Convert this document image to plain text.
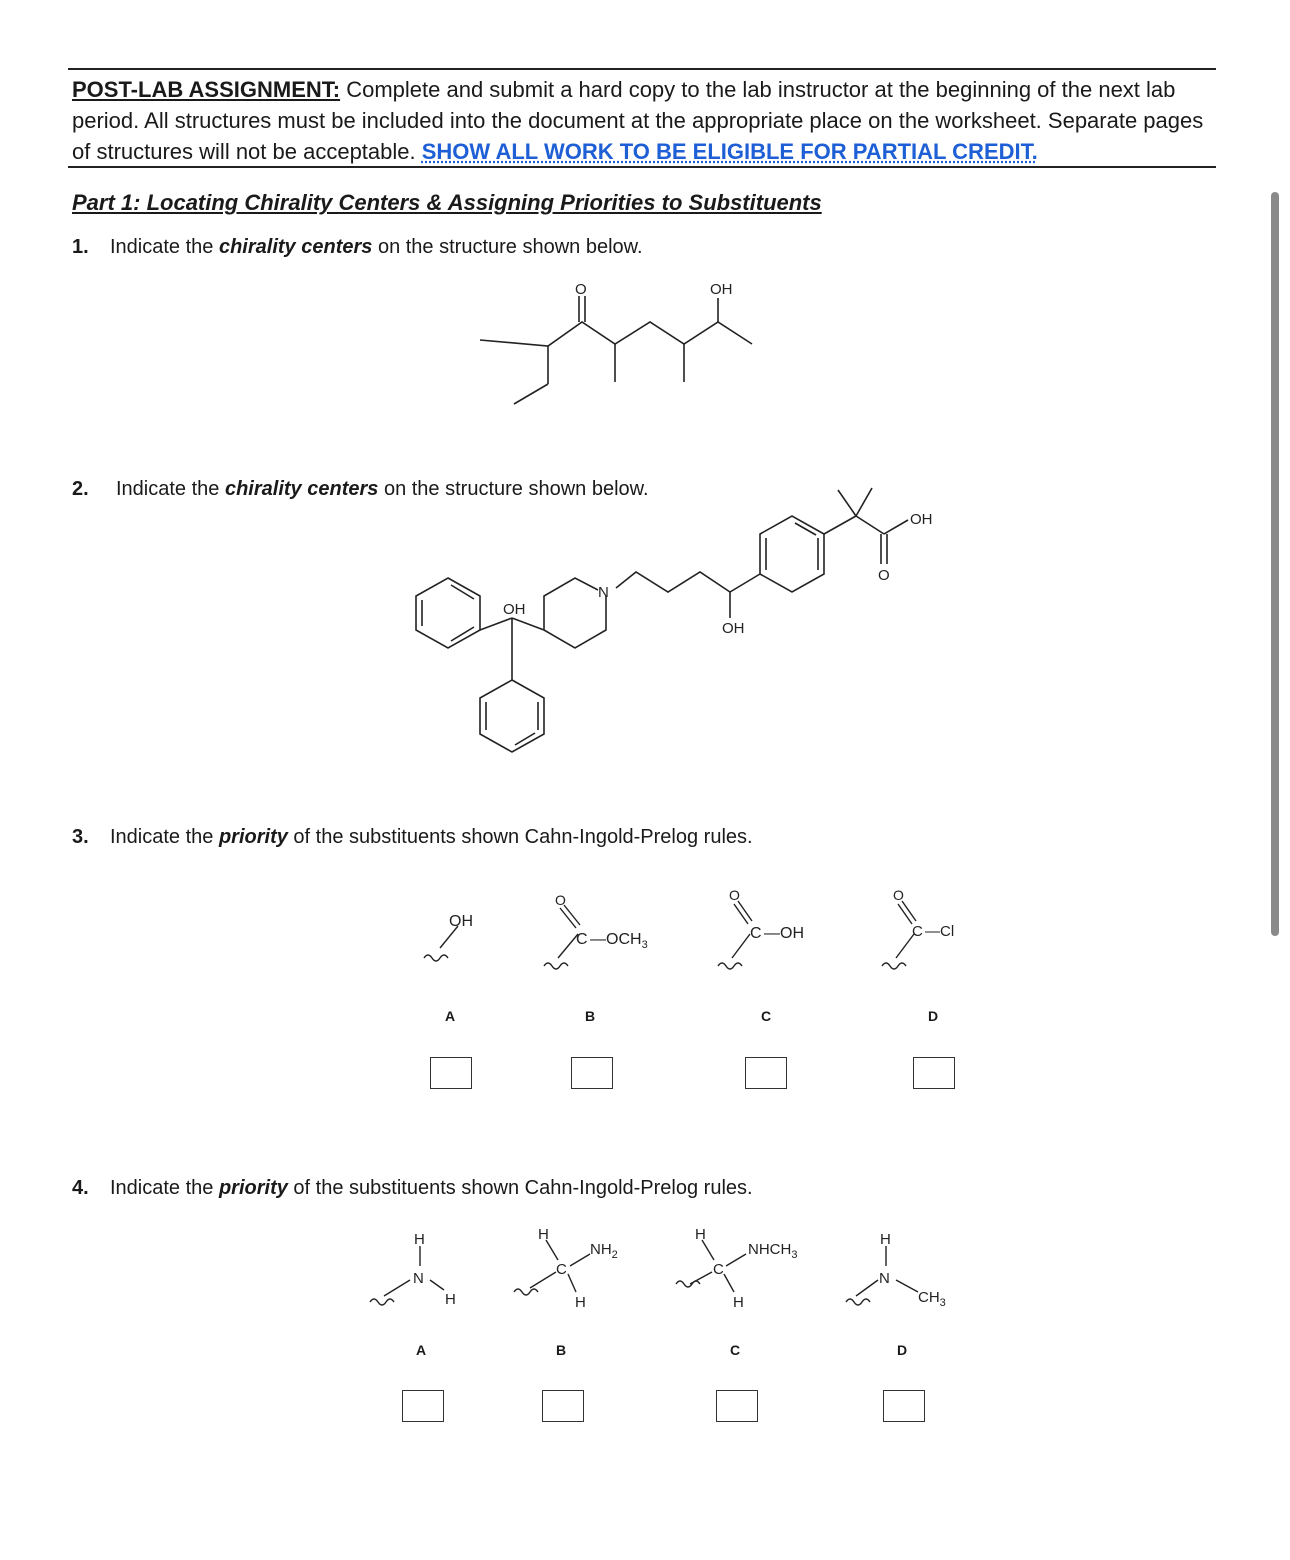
POST-LAB ASSIGNMENT: Complete and submit a hard copy to the lab instructor at the beginning of the next lab period. All structures must be included into the document at the appropriate place on the worksheet. Separate pages of structures will not be acceptable. SHOW ALL WORK TO BE ELIGIBLE FOR PARTIAL CREDIT.
Part 1: Locating Chirality Centers & Assigning Priorities to Substituents
1. Indicate the chirality centers on the structure shown below.
O	OH
2. Indicate the chirality centers on the structure shown below.
N
OH
OH
OH
O
3. Indicate the priority of the substituents shown Cahn-Ingold-Prelog rules.
OH
O
C $—OCH_3$
O
C —OH
O
C —Cl
A	B	C	D
4. Indicate the priority of the substituents shown Cahn-Ingold-Prelog rules.
H
N
H
H
C
$NH_2$
H
H
C
$NHCH_3$
H
H
N
$CH_3$
A	B	C	D
